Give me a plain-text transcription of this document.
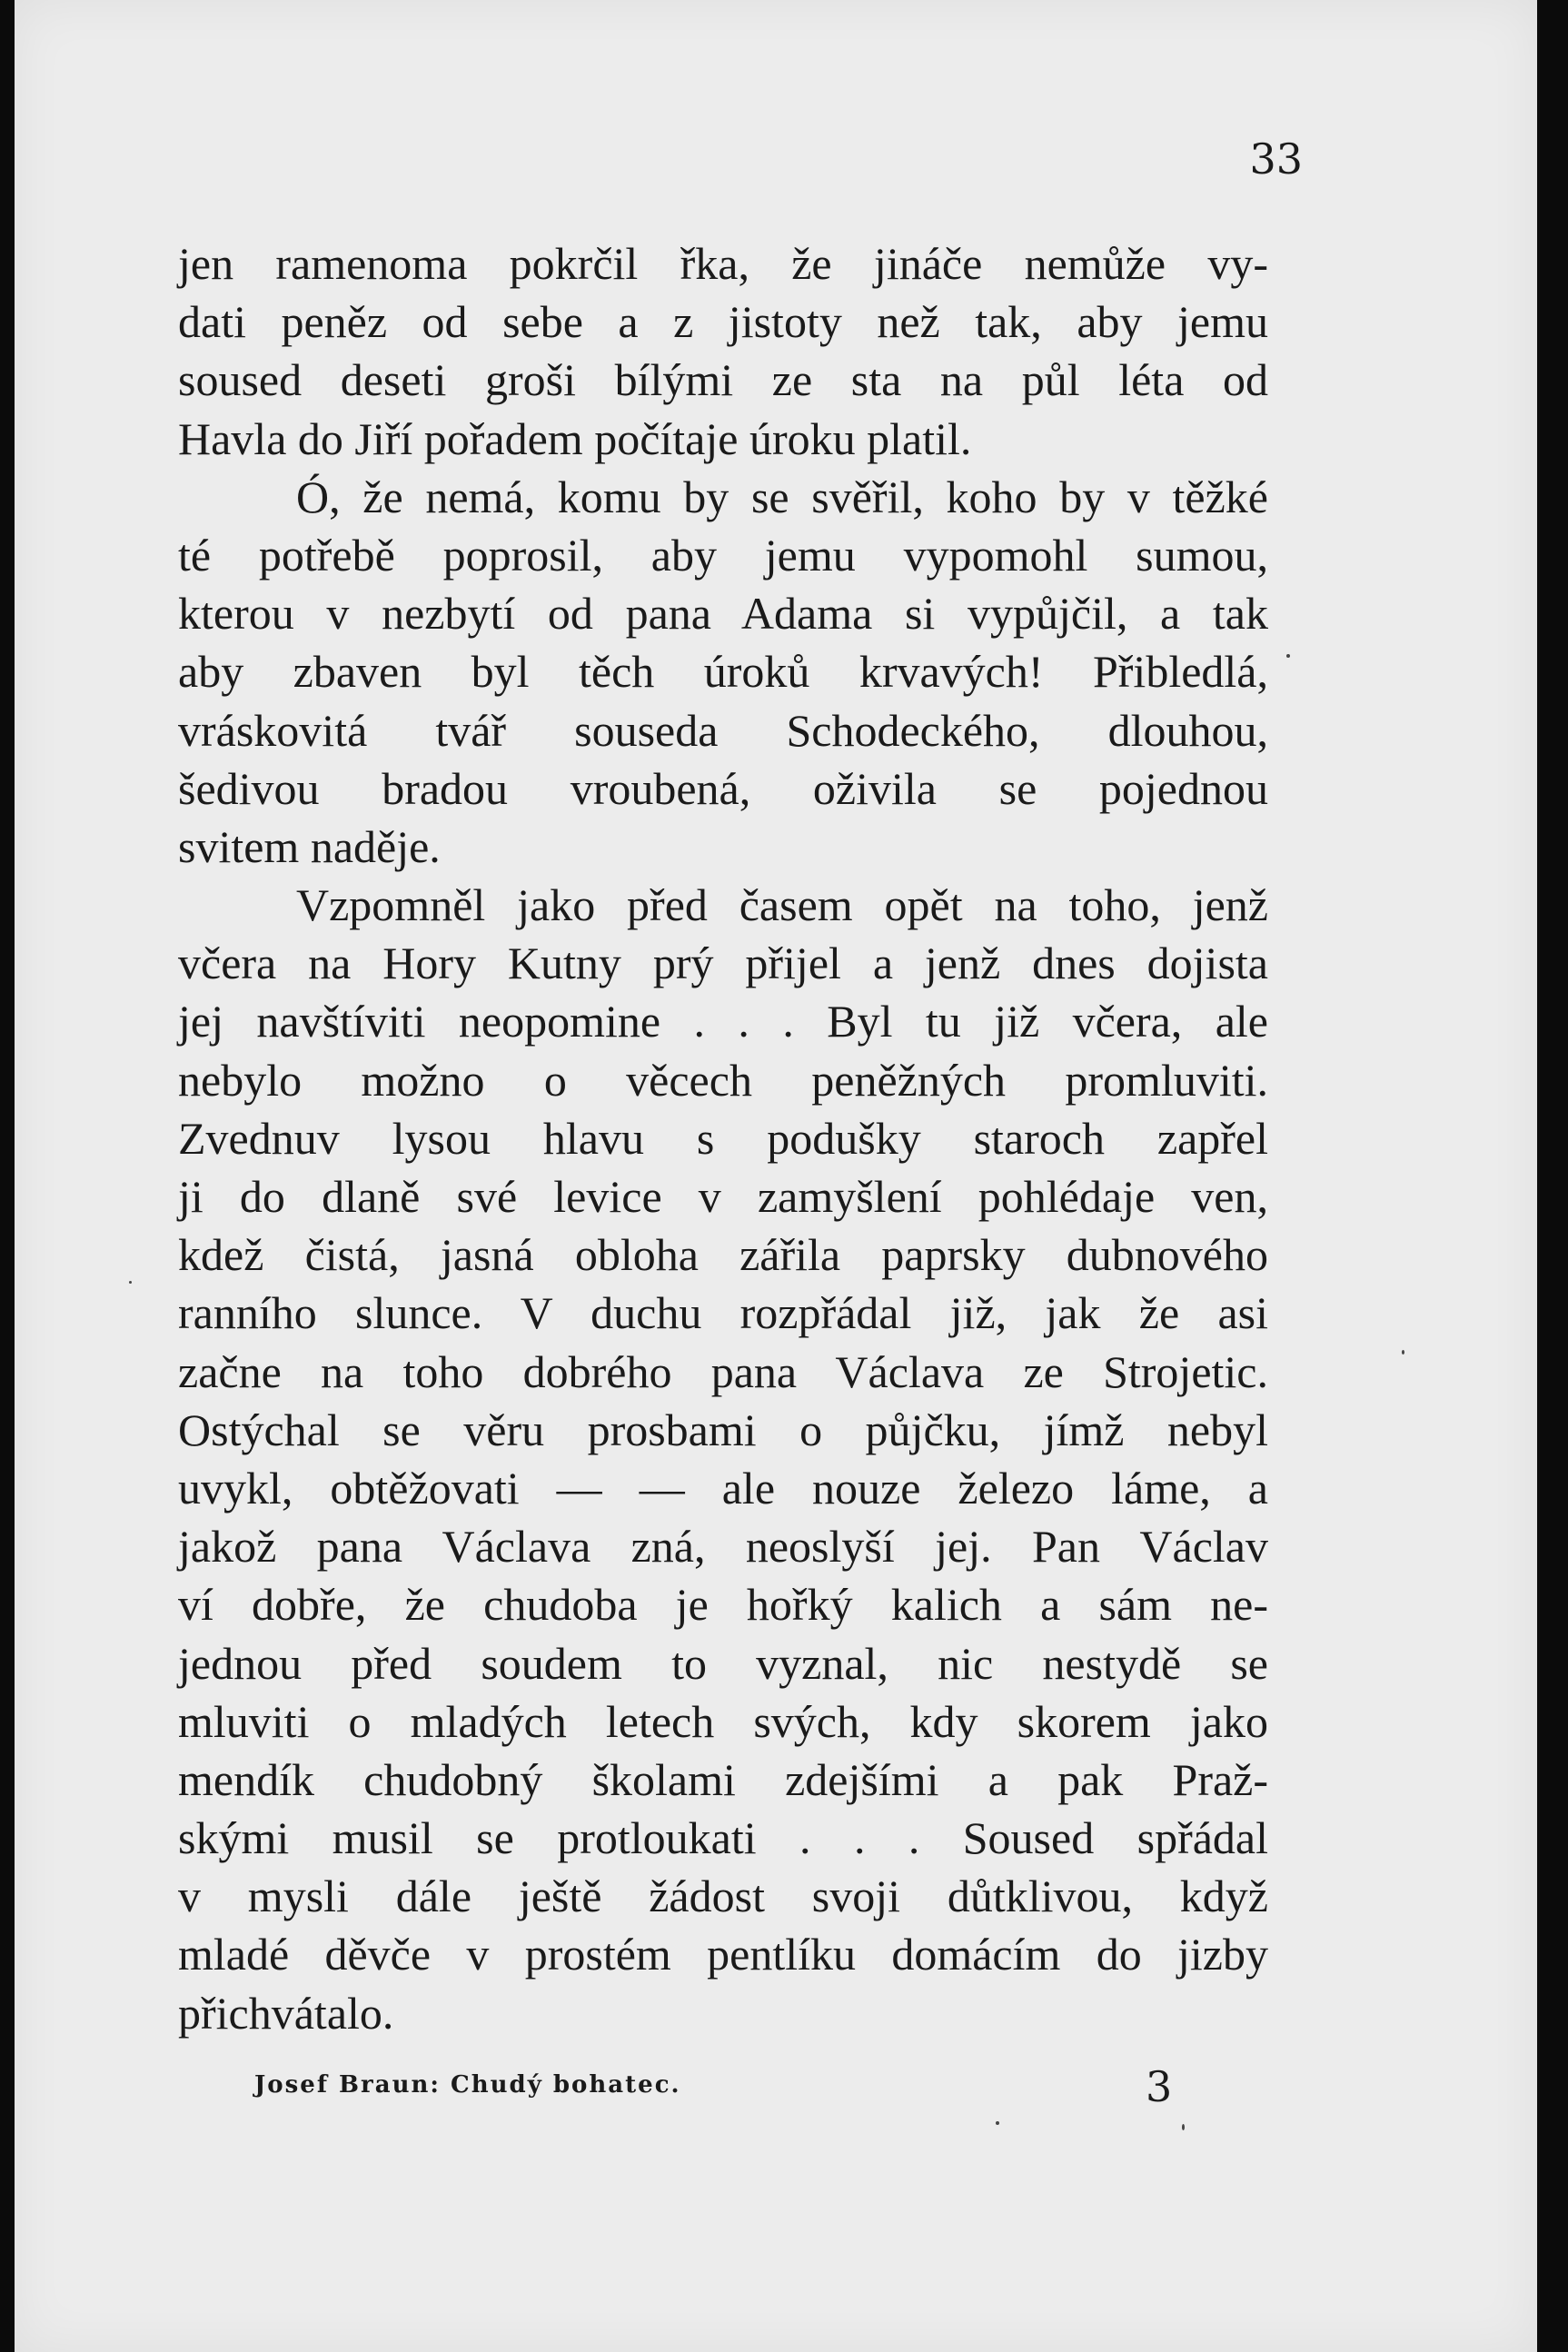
33

jen ramenoma pokrčil řka, že jináče nemůže vy-
dati peněz od sebe a z jistoty než tak, aby jemu
soused deseti groši bílými ze sta na půl léta od
Havla do Jiří pořadem počítaje úroku platil.
Ó, že nemá, komu by se svěřil, koho by v těžké
té potřebě poprosil, aby jemu vypomohl sumou,
kterou v nezbytí od pana Adama si vypůjčil, a tak
aby zbaven byl těch úroků krvavých! Přibledlá,
vráskovitá tvář souseda Schodeckého, dlouhou,
šedivou bradou vroubená, oživila se pojednou
svitem naděje.
Vzpomněl jako před časem opět na toho, jenž
včera na Hory Kutny prý přijel a jenž dnes dojista
jej navštíviti neopomine . . . Byl tu již včera, ale
nebylo možno o věcech peněžných promluviti.
Zvednuv lysou hlavu s podušky staroch zapřel
ji do dlaně své levice v zamyšlení pohlédaje ven,
kdež čistá, jasná obloha zářila paprsky dubnového
ranního slunce. V duchu rozpřádal již, jak že asi
začne na toho dobrého pana Václava ze Strojetic.
Ostýchal se věru prosbami o půjčku, jímž nebyl
uvykl, obtěžovati — — ale nouze železo láme, a
jakož pana Václava zná, neoslyší jej. Pan Václav
ví dobře, že chudoba je hořký kalich a sám ne-
jednou před soudem to vyznal, nic nestydě se
mluviti o mladých letech svých, kdy skorem jako
mendík chudobný školami zdejšími a pak Praž-
skými musil se protloukati . . . Soused spřádal
v mysli dále ještě žádost svoji důtklivou, když
mladé děvče v prostém pentlíku domácím do jizby
přichvátalo.

Josef Braun: Chudý bohatec.	3
